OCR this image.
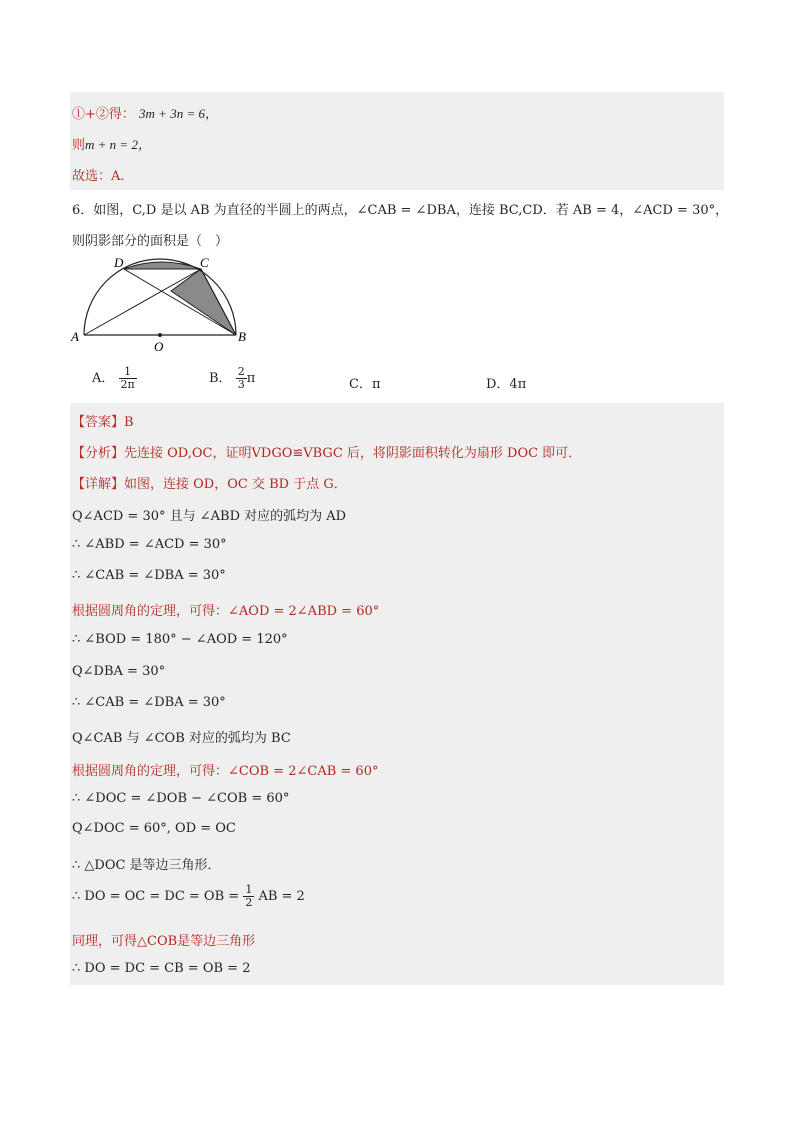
①+②得： 3m + 3n = 6，
则m + n = 2，
故选：A.
6．如图，C,D 是以 AB 为直径的半圆上的两点，∠CAB = ∠DBA，连接 BC,CD．若 AB = 4，∠ACD = 30°，
则阴影部分的面积是（　）
D	C
A	B
O
A． $\frac{1}{2\pi}$	B． $\frac{2}{3}$ π	C．π	D．4π
【答案】B
【分析】先连接 OD,OC，证明VDGO≌VBGC 后，将阴影面积转化为扇形 DOC 即可．
【详解】如图，连接 OD，OC 交 BD 于点 G．
Q∠ACD = 30° 且与 ∠ABD 对应的弧均为 AD
∴ ∠ABD = ∠ACD = 30°
∴ ∠CAB = ∠DBA = 30°
根据圆周角的定理，可得：∠AOD = 2∠ABD = 60°
∴ ∠BOD = 180° − ∠AOD = 120°
Q∠DBA = 30°
∴ ∠CAB = ∠DBA = 30°
Q∠CAB 与 ∠COB 对应的弧均为 BC
根据圆周角的定理，可得：∠COB = 2∠CAB = 60°
∴ ∠DOC = ∠DOB − ∠COB = 60°
Q∠DOC = 60°, OD = OC
∴ △DOC 是等边三角形．
∴ DO = OC = DC = OB = $\frac{1}{2}$ AB = 2
同理，可得△COB是等边三角形
∴ DO = DC = CB = OB = 2
